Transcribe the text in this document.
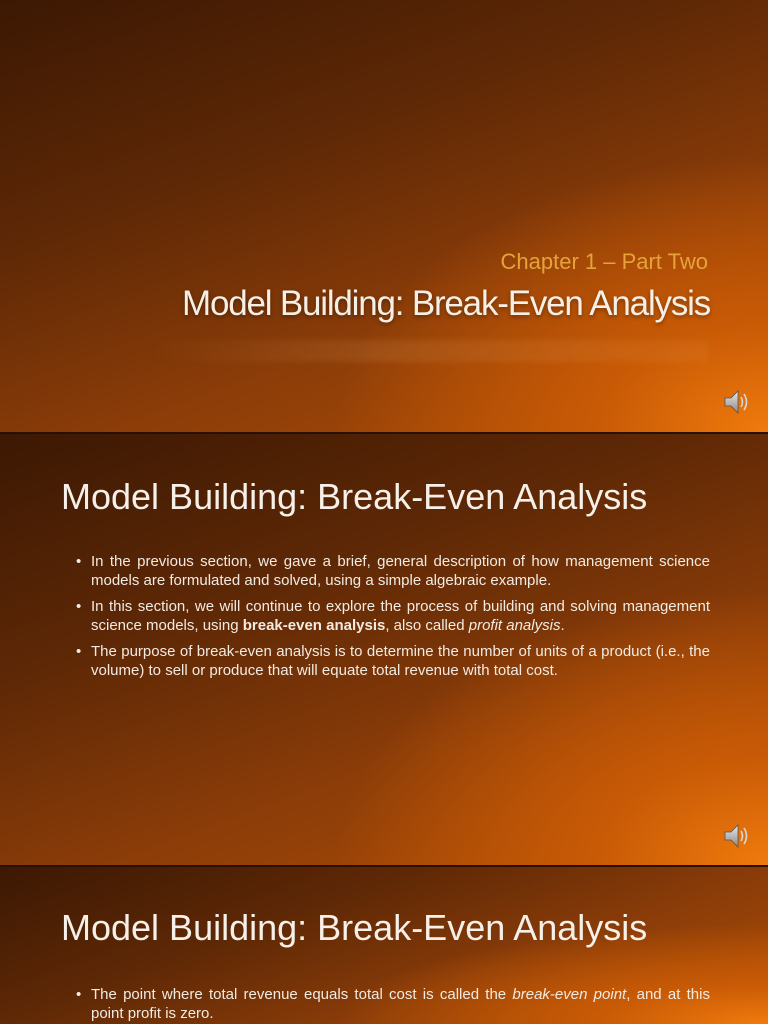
Chapter 1 – Part Two
Model Building: Break-Even Analysis
Model Building: Break-Even Analysis
• In the previous section, we gave a brief, general description of how management science models are formulated and solved, using a simple algebraic example.
• In this section, we will continue to explore the process of building and solving management science models, using break-even analysis, also called profit analysis.
• The purpose of break-even analysis is to determine the number of units of a product (i.e., the volume) to sell or produce that will equate total revenue with total cost.
Model Building: Break-Even Analysis
• The point where total revenue equals total cost is called the break-even point, and at this point profit is zero.
